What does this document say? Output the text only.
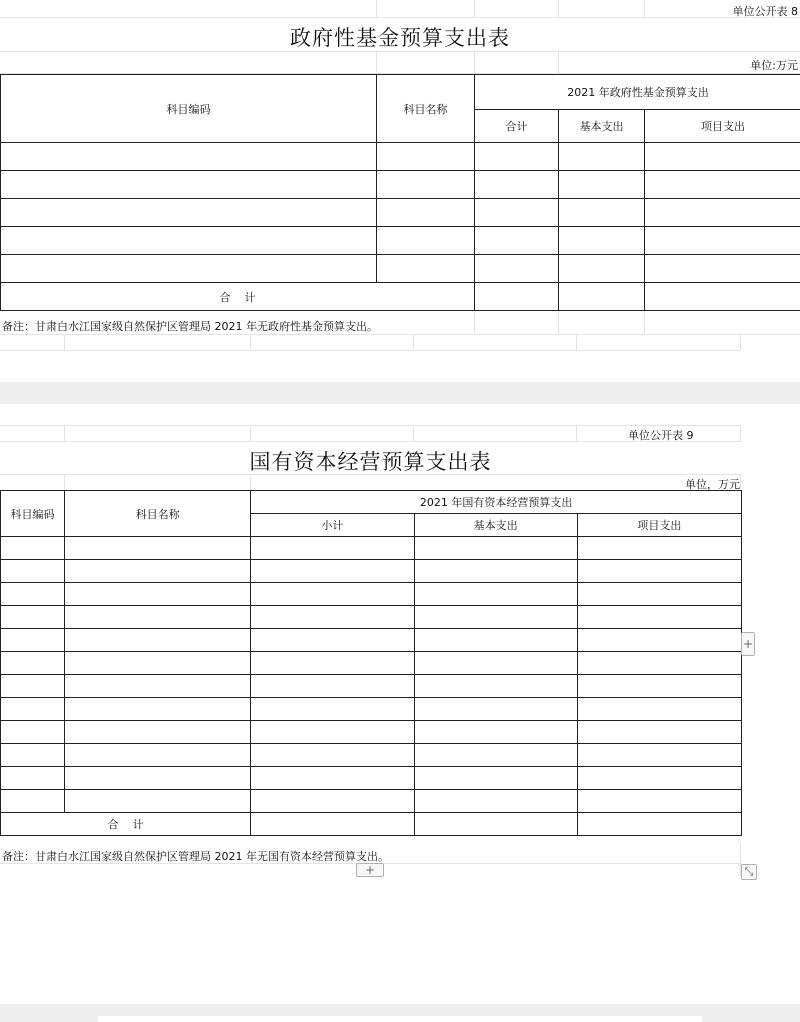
单位公开表 8
政府性基金预算支出表
单位:万元
科目编码	科目名称	2021 年政府性基金预算支出		
		合计	基本支出	项目支出

合    计				
备注：甘肃白水江国家级自然保护区管理局 2021 年无政府性基金预算支出。
单位公开表 9
国有资本经营预算支出表
单位，万元
科目编码	科目名称	2021 年国有资本经营预算支出		
		小计	基本支出	项目支出

合    计				
备注：甘肃白水江国家级自然保护区管理局 2021 年无国有资本经营预算支出。
+
+	⤡
